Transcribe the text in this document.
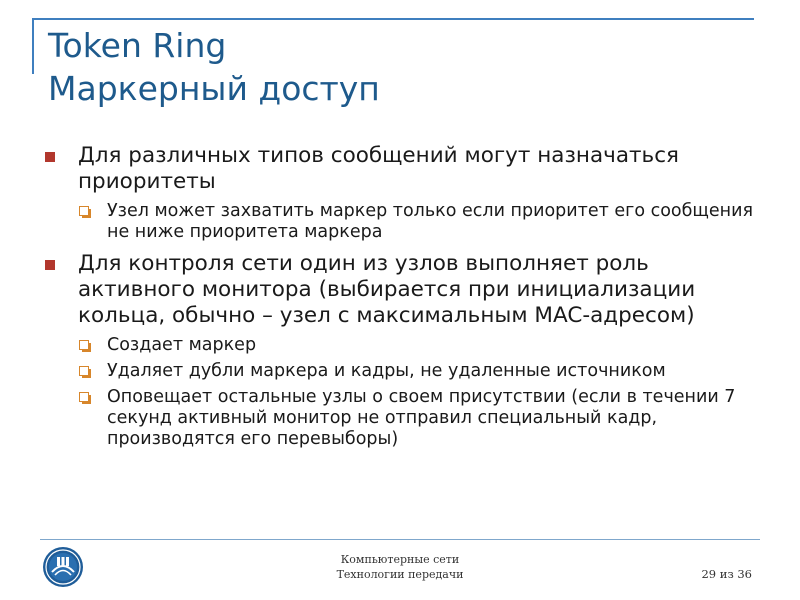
Token Ring
Маркерный доступ
Для различных типов сообщений могут назначаться приоритеты
Узел может захватить маркер только если приоритет его сообщения не ниже приоритета маркера
Для контроля сети один из узлов выполняет роль активного монитора (выбирается при инициализации кольца, обычно – узел с максимальным MAC-адресом)
Создает маркер
Удаляет дубли маркера и кадры, не удаленные источником
Оповещает остальные узлы о своем присутствии (если в течении 7 секунд активный монитор не отправил специальный кадр, производятся его перевыборы)
Компьютерные сети
Технологии передачи	29 из 36
